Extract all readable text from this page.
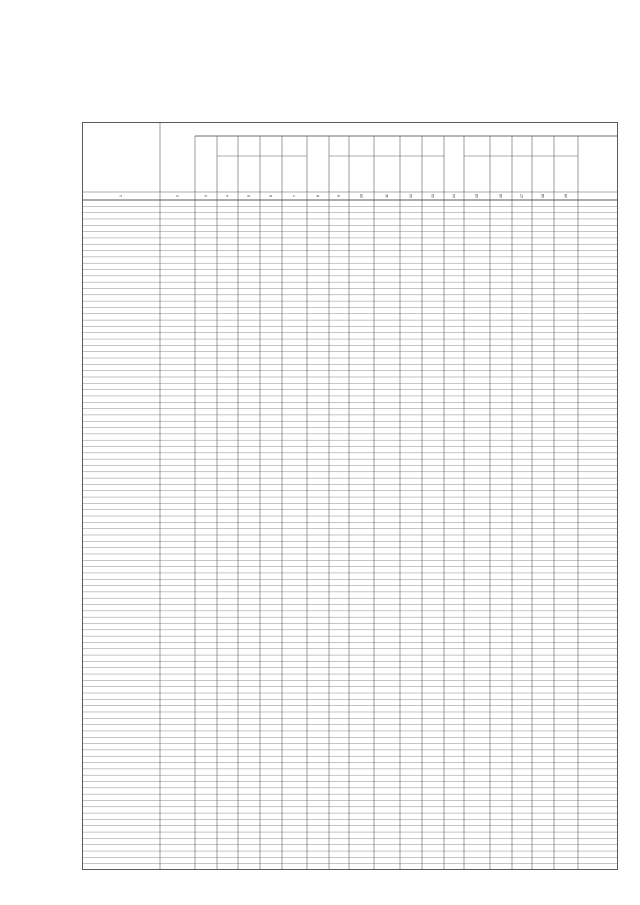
1	2	3	4	5	6	7	8	9	10	11	12	13	14	15	16	17	18	19
